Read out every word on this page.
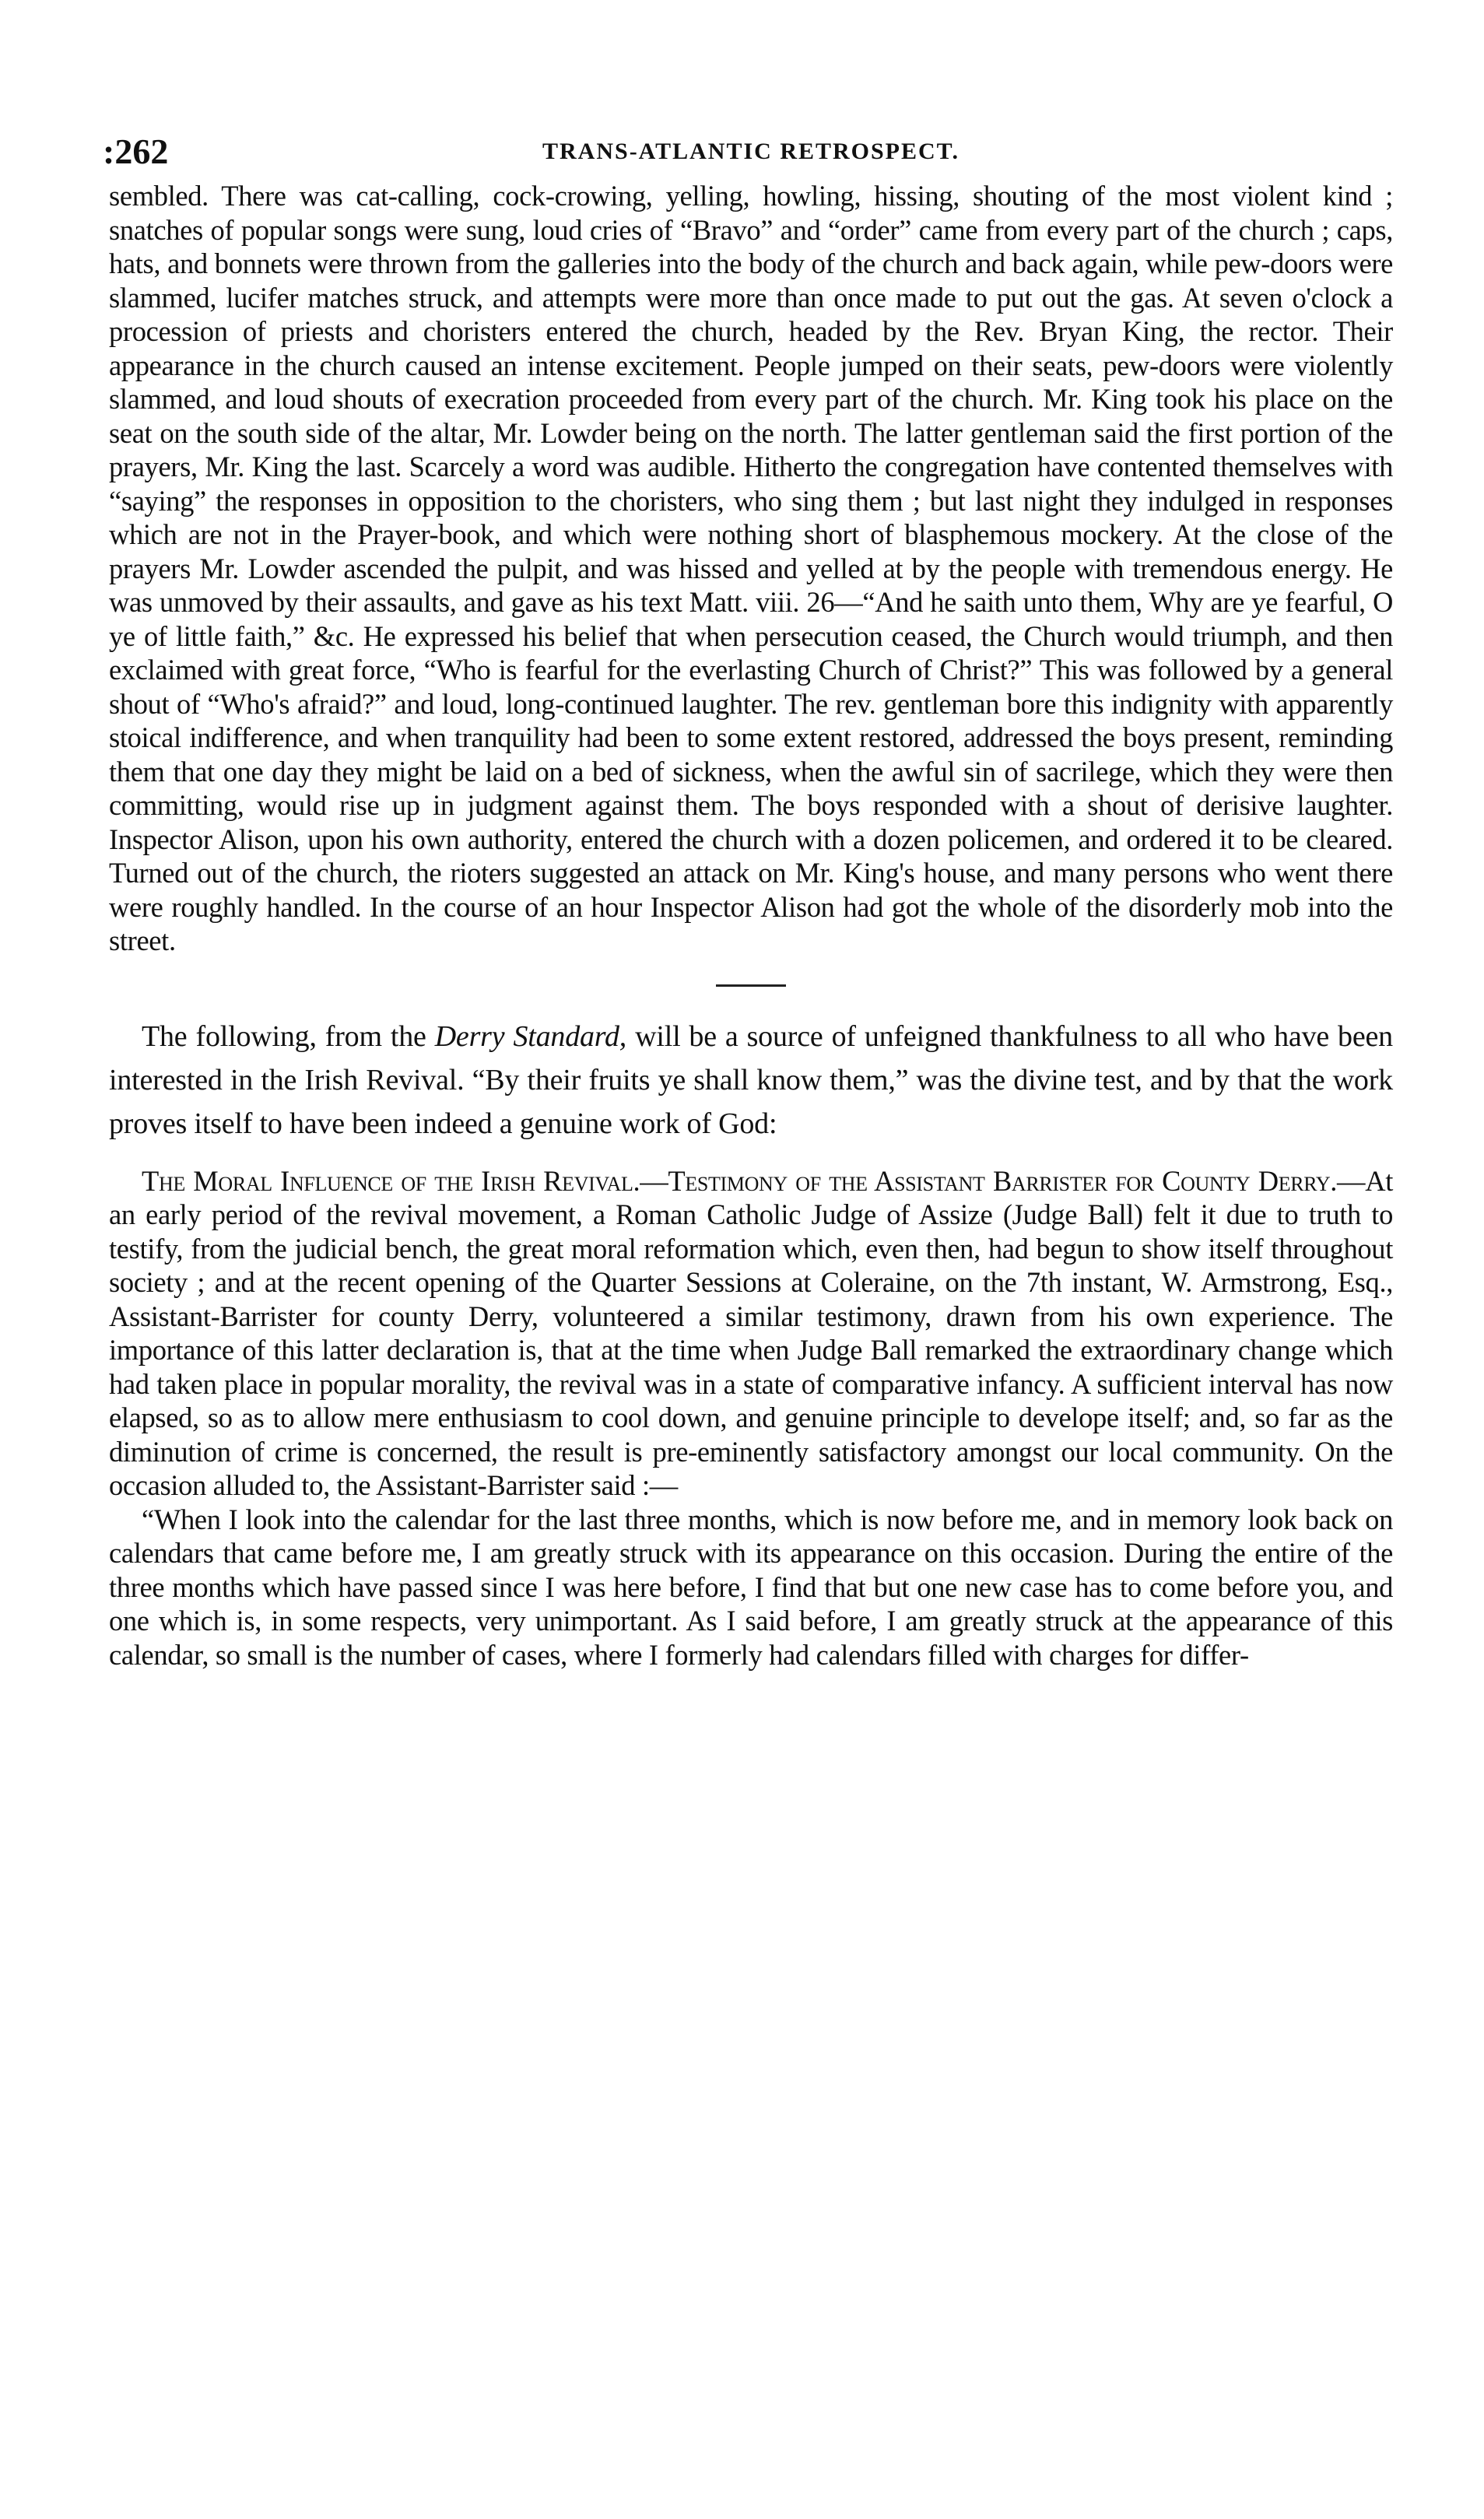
:262	TRANS-ATLANTIC RETROSPECT.

sembled. There was cat-calling, cock-crowing, yelling, howling, hissing, shouting of the most violent kind ; snatches of popular songs were sung, loud cries of “Bravo” and “order” came from every part of the church ; caps, hats, and bonnets were thrown from the galleries into the body of the church and back again, while pew-doors were slammed, lucifer matches struck, and attempts were more than once made to put out the gas. At seven o'clock a procession of priests and choristers entered the church, headed by the Rev. Bryan King, the rector. Their appearance in the church caused an intense excitement. People jumped on their seats, pew-doors were violently slammed, and loud shouts of execration proceeded from every part of the church. Mr. King took his place on the seat on the south side of the altar, Mr. Lowder being on the north. The latter gentleman said the first portion of the prayers, Mr. King the last. Scarcely a word was audible. Hitherto the congregation have contented themselves with “saying” the responses in opposition to the choristers, who sing them ; but last night they indulged in responses which are not in the Prayer-book, and which were nothing short of blasphemous mockery. At the close of the prayers Mr. Lowder ascended the pulpit, and was hissed and yelled at by the people with tremendous energy. He was unmoved by their assaults, and gave as his text Matt. viii. 26—“And he saith unto them, Why are ye fearful, O ye of little faith,” &c. He expressed his belief that when persecution ceased, the Church would triumph, and then exclaimed with great force, “Who is fearful for the everlasting Church of Christ?” This was followed by a general shout of “Who's afraid?” and loud, long-continued laughter. The rev. gentleman bore this indignity with apparently stoical indifference, and when tranquility had been to some extent restored, addressed the boys present, reminding them that one day they might be laid on a bed of sickness, when the awful sin of sacrilege, which they were then committing, would rise up in judgment against them. The boys responded with a shout of derisive laughter. Inspector Alison, upon his own authority, entered the church with a dozen policemen, and ordered it to be cleared. Turned out of the church, the rioters suggested an attack on Mr. King's house, and many persons who went there were roughly handled. In the course of an hour Inspector Alison had got the whole of the disorderly mob into the street.

The following, from the Derry Standard, will be a source of unfeigned thankfulness to all who have been interested in the Irish Revival. “By their fruits ye shall know them,” was the divine test, and by that the work proves itself to have been indeed a genuine work of God:

The Moral Influence of the Irish Revival.—Testimony of the Assistant Barrister for County Derry.—At an early period of the revival movement, a Roman Catholic Judge of Assize (Judge Ball) felt it due to truth to testify, from the judicial bench, the great moral reformation which, even then, had begun to show itself throughout society ; and at the recent opening of the Quarter Sessions at Coleraine, on the 7th instant, W. Armstrong, Esq., Assistant-Barrister for county Derry, volunteered a similar testimony, drawn from his own experience. The importance of this latter declaration is, that at the time when Judge Ball remarked the extraordinary change which had taken place in popular morality, the revival was in a state of comparative infancy. A sufficient interval has now elapsed, so as to allow mere enthusiasm to cool down, and genuine principle to develope itself; and, so far as the diminution of crime is concerned, the result is pre-eminently satisfactory amongst our local community. On the occasion alluded to, the Assistant-Barrister said :—

“When I look into the calendar for the last three months, which is now before me, and in memory look back on calendars that came before me, I am greatly struck with its appearance on this occasion. During the entire of the three months which have passed since I was here before, I find that but one new case has to come before you, and one which is, in some respects, very unimportant. As I said before, I am greatly struck at the appearance of this calendar, so small is the number of cases, where I formerly had calendars filled with charges for differ-
